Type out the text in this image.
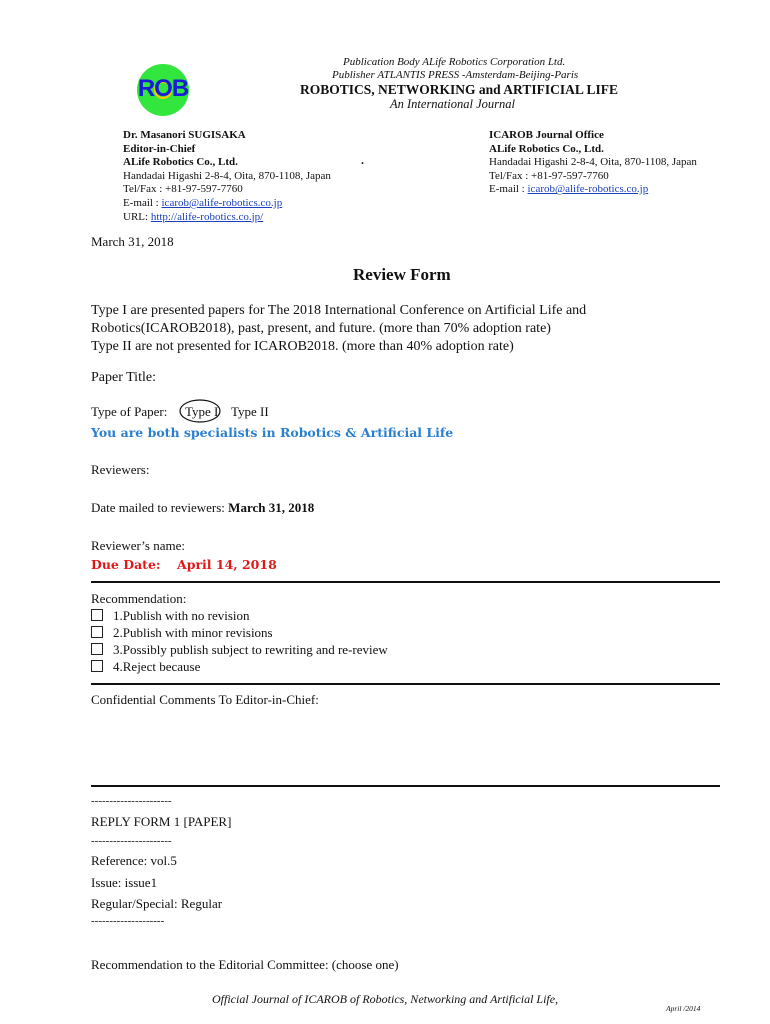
ROB
Publication Body ALife Robotics Corporation Ltd.
Publisher ATLANTIS PRESS -Amsterdam-Beijing-Paris
ROBOTICS, NETWORKING and ARTIFICIAL LIFE
An International Journal
Dr. Masanori SUGISAKA
Editor-in-Chief
ALife Robotics Co., Ltd.
Handadai Higashi 2-8-4, Oita, 870-1108, Japan
Tel/Fax : +81-97-597-7760
E-mail : icarob@alife-robotics.co.jp
URL: http://alife-robotics.co.jp/
.
ICAROB Journal Office
ALife Robotics Co., Ltd.
Handadai Higashi 2-8-4, Oita, 870-1108, Japan
Tel/Fax : +81-97-597-7760
E-mail : icarob@alife-robotics.co.jp
March 31, 2018
Review Form
Type I are presented papers for The 2018 International Conference on Artificial Life and
Robotics(ICAROB2018), past, present, and future. (more than 70% adoption rate)
Type II are not presented for ICAROB2018. (more than 40% adoption rate)
Paper Title:
Type of Paper: Type I Type II
You are both specialists in Robotics & Artificial Life
Reviewers:
Date mailed to reviewers: March 31, 2018
Reviewer’s name:
Due Date: April 14, 2018
Recommendation:
1.Publish with no revision
2.Publish with minor revisions
3.Possibly publish subject to rewriting and re-review
4.Reject because
Confidential Comments To Editor-in-Chief:
----------------------
REPLY FORM 1 [PAPER]
----------------------
Reference: vol.5
Issue: issue1
Regular/Special: Regular
--------------------
Recommendation to the Editorial Committee: (choose one)
Official Journal of ICAROB of Robotics, Networking and Artificial Life,
April /2014
